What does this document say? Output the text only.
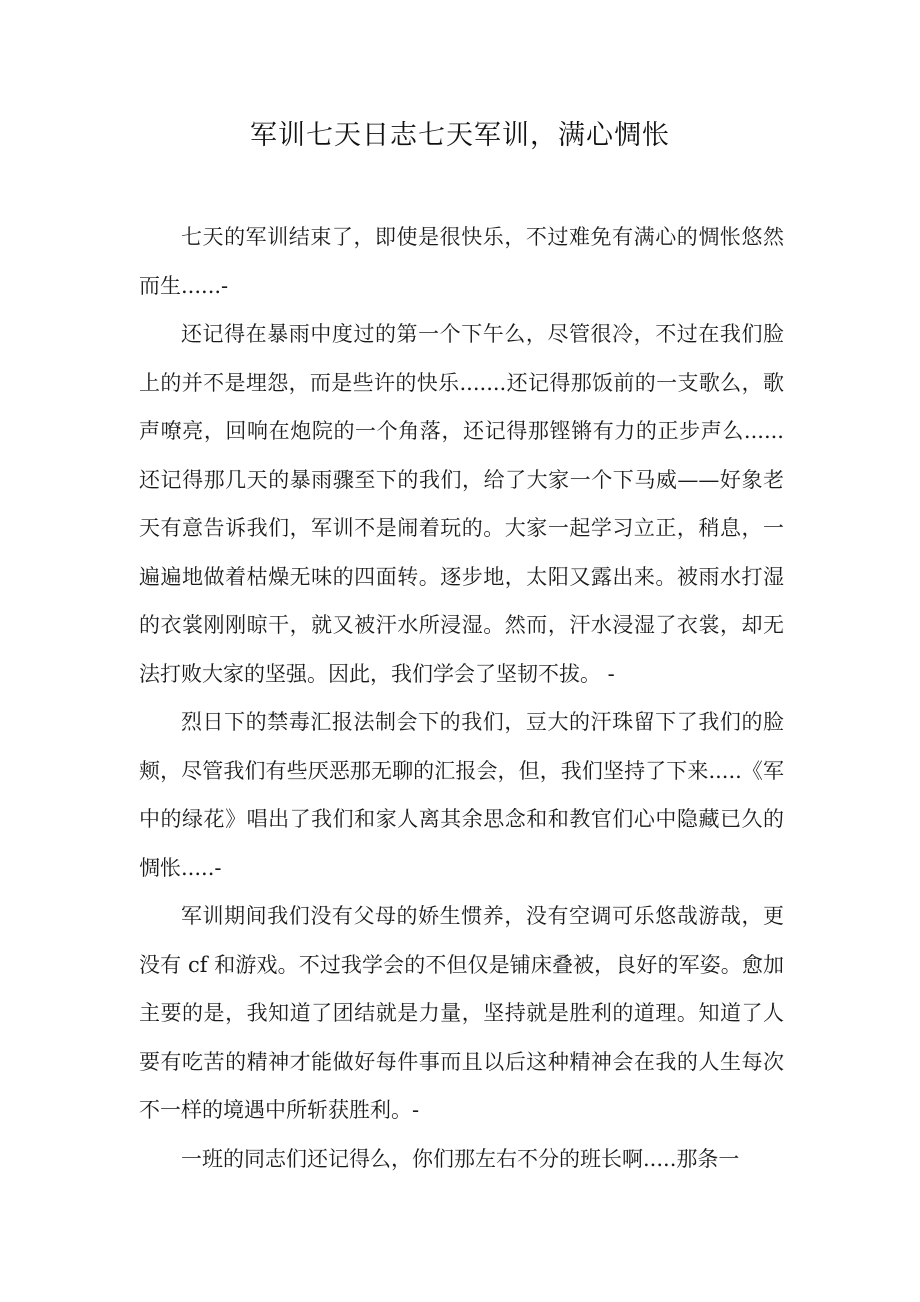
军训七天日志七天军训，满心惆怅

七天的军训结束了，即使是很快乐，不过难免有满心的惆怅悠然而生......-

还记得在暴雨中度过的第一个下午么，尽管很冷，不过在我们脸上的并不是埋怨，而是些许的快乐.......还记得那饭前的一支歌么，歌声嘹亮，回响在炮院的一个角落，还记得那铿锵有力的正步声么......还记得那几天的暴雨骤至下的我们，给了大家一个下马威——好象老天有意告诉我们，军训不是闹着玩的。大家一起学习立正，稍息，一遍遍地做着枯燥无味的四面转。逐步地，太阳又露出来。被雨水打湿的衣裳刚刚晾干，就又被汗水所浸湿。然而，汗水浸湿了衣裳，却无法打败大家的坚强。因此，我们学会了坚韧不拔。 -

烈日下的禁毒汇报法制会下的我们，豆大的汗珠留下了我们的脸颊，尽管我们有些厌恶那无聊的汇报会，但，我们坚持了下来.....《军中的绿花》唱出了我们和家人离其余思念和和教官们心中隐藏已久的惆怅.....-

军训期间我们没有父母的娇生惯养，没有空调可乐悠哉游哉，更没有 cf 和游戏。不过我学会的不但仅是铺床叠被，良好的军姿。愈加主要的是，我知道了团结就是力量，坚持就是胜利的道理。知道了人要有吃苦的精神才能做好每件事而且以后这种精神会在我的人生每次不一样的境遇中所斩获胜利。-

一班的同志们还记得么，你们那左右不分的班长啊.....那条一
